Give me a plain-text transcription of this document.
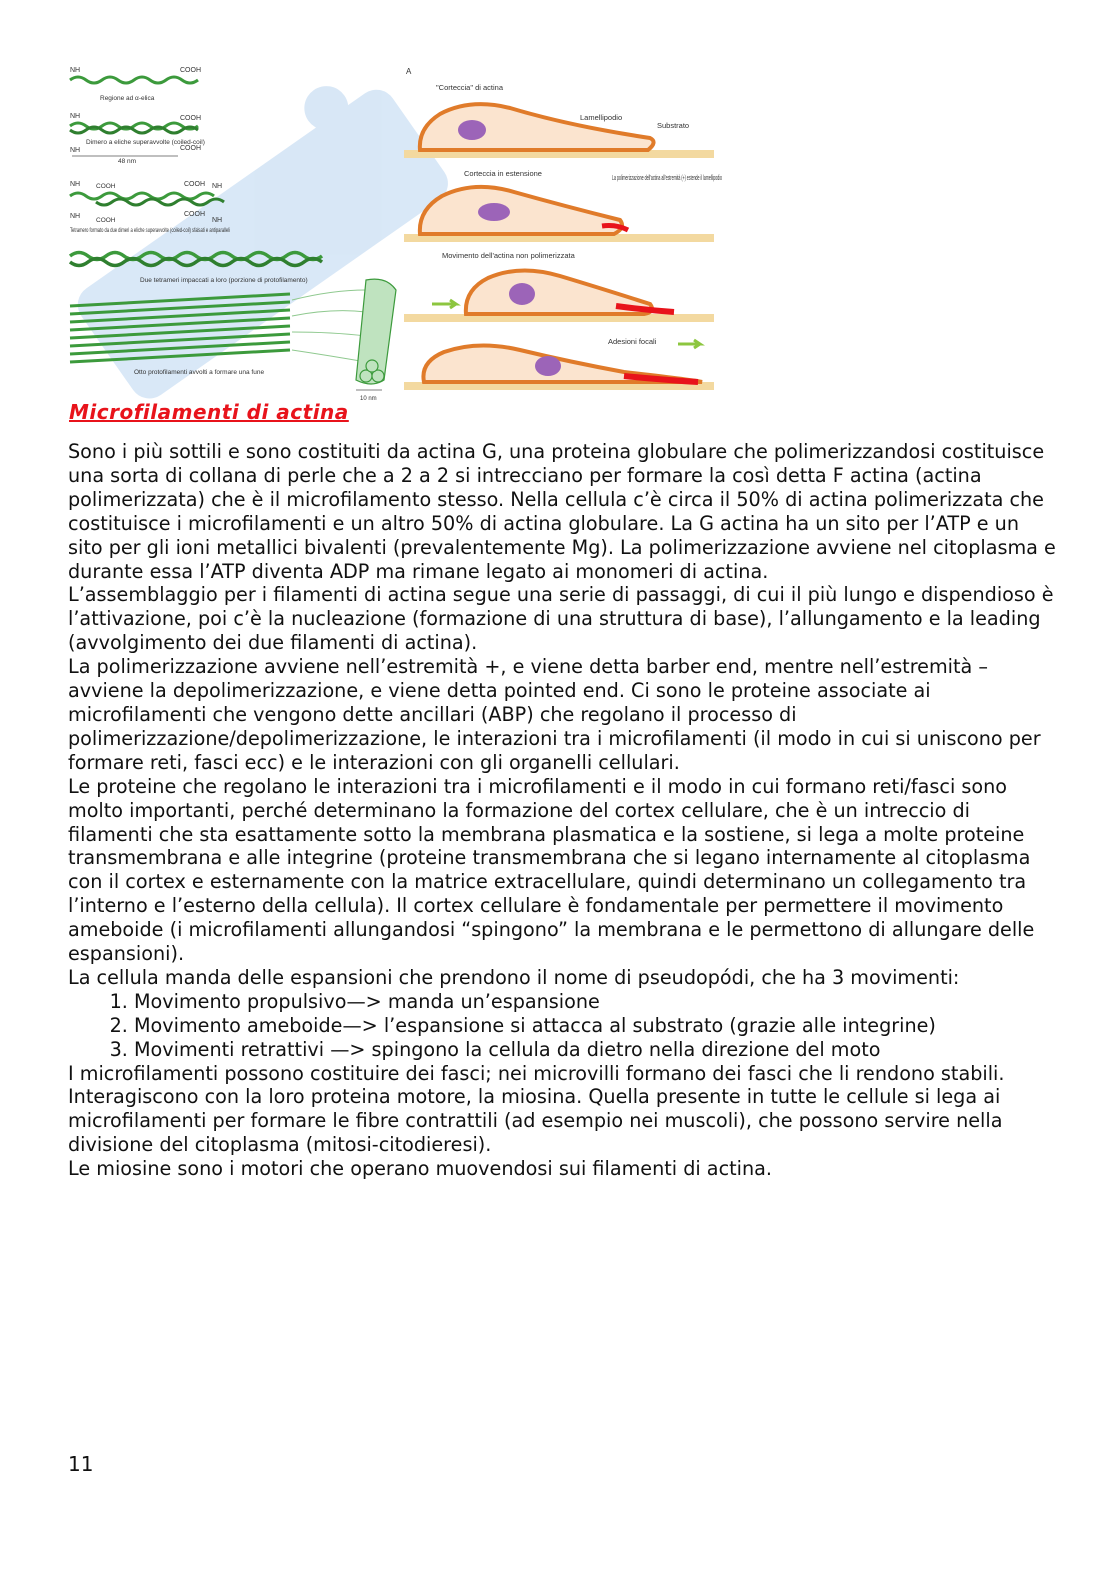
NH	COOH
Regione ad α-elica
NH	COOH
Dimero a eliche superavvolte (coiled-coil)
NH	COOH
48 nm
NH COOH	COOH NH
NH
COOH
COOH
NH
Tetramero formato da due dimeri a eliche superavvolte (coiled-coil) sfalsati e antiparalleli
Due tetrameri impaccati a loro (porzione di protofilamento)
Otto protofilamenti avvolti a formare una fune
10 nm
A
"Corteccia" di actina
Lamellipodio
Substrato
Corteccia in estensione	La polimerizzazione dell'actina all'estremità (+) estende il lamellipodio
Movimento dell'actina non polimerizzata
Adesioni focali
Microfilamenti di actina

Sono i più sottili e sono costituiti da actina G, una proteina globulare che polimerizzandosi costituisce una sorta di collana di perle che a 2 a 2 si intrecciano per formare la così detta F actina (actina polimerizzata) che è il microfilamento stesso. Nella cellula c’è circa il 50% di actina polimerizzata che costituisce i microfilamenti e un altro 50% di actina globulare. La G actina ha un sito per l’ATP e un sito per gli ioni metallici bivalenti (prevalentemente Mg). La polimerizzazione avviene nel citoplasma e durante essa l’ATP diventa ADP ma rimane legato ai monomeri di actina.

L’assemblaggio per i filamenti di actina segue una serie di passaggi, di cui il più lungo e dispendioso è l’attivazione, poi c’è la nucleazione (formazione di una struttura di base), l’allungamento e la leading (avvolgimento dei due filamenti di actina).

La polimerizzazione avviene nell’estremità +, e viene detta barber end, mentre nell’estremità – avviene la depolimerizzazione, e viene detta pointed end. Ci sono le proteine associate ai microfilamenti che vengono dette ancillari (ABP) che regolano il processo di polimerizzazione/depolimerizzazione, le interazioni tra i microfilamenti (il modo in cui si uniscono per formare reti, fasci ecc) e le interazioni con gli organelli cellulari.

Le proteine che regolano le interazioni tra i microfilamenti e il modo in cui formano reti/fasci sono molto importanti, perché determinano la formazione del cortex cellulare, che è un intreccio di filamenti che sta esattamente sotto la membrana plasmatica e la sostiene, si lega a molte proteine transmembrana e alle integrine (proteine transmembrana che si legano internamente al citoplasma con il cortex e esternamente con la matrice extracellulare, quindi determinano un collegamento tra l’interno e l’esterno della cellula). Il cortex cellulare è fondamentale per permettere il movimento ameboide (i microfilamenti allungandosi “spingono” la membrana e le permettono di allungare delle espansioni).

La cellula manda delle espansioni che prendono il nome di pseudopódi, che ha 3 movimenti:

1. Movimento propulsivo—> manda un’espansione
2. Movimento ameboide—> l’espansione si attacca al substrato (grazie alle integrine)
3. Movimenti retrattivi —> spingono la cellula da dietro nella direzione del moto

I microfilamenti possono costituire dei fasci; nei microvilli formano dei fasci che li rendono stabili.

Interagiscono con la loro proteina motore, la miosina. Quella presente in tutte le cellule si lega ai microfilamenti per formare le fibre contrattili (ad esempio nei muscoli), che possono servire nella divisione del citoplasma (mitosi-citodieresi).

Le miosine sono i motori che operano muovendosi sui filamenti di actina.

11
